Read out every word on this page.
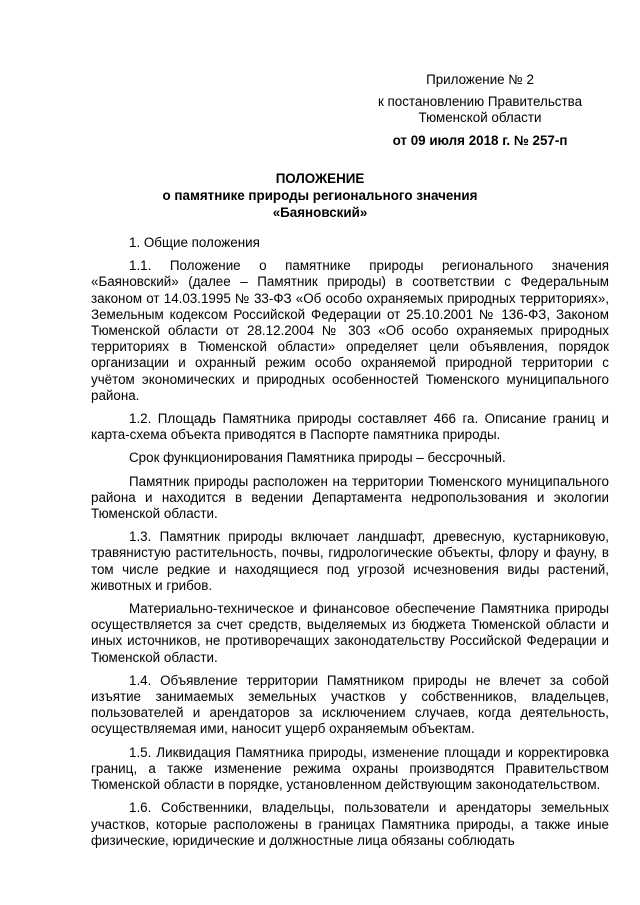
Приложение № 2
к постановлению Правительства
Тюменской области
от 09 июля 2018 г. № 257-п
ПОЛОЖЕНИЕ
о памятнике природы регионального значения
«Баяновский»

1. Общие положения

1.1. Положение о памятнике природы регионального значения «Баяновский» (далее – Памятник природы) в соответствии с Федеральным законом от 14.03.1995 № 33-ФЗ «Об особо охраняемых природных территориях», Земельным кодексом Российской Федерации от 25.10.2001 № 136-ФЗ, Законом Тюменской области от 28.12.2004 № 303 «Об особо охраняемых природных территориях в Тюменской области» определяет цели объявления, порядок организации и охранный режим особо охраняемой природной территории с учётом экономических и природных особенностей Тюменского муниципального района.

1.2. Площадь Памятника природы составляет 466 га. Описание границ и карта-схема объекта приводятся в Паспорте памятника природы.

Срок функционирования Памятника природы – бессрочный.

Памятник природы расположен на территории Тюменского муниципального района и находится в ведении Департамента недропользования и экологии Тюменской области.

1.3. Памятник природы включает ландшафт, древесную, кустарниковую, травянистую растительность, почвы, гидрологические объекты, флору и фауну, в том числе редкие и находящиеся под угрозой исчезновения виды растений, животных и грибов.

Материально-техническое и финансовое обеспечение Памятника природы осуществляется за счет средств, выделяемых из бюджета Тюменской области и иных источников, не противоречащих законодательству Российской Федерации и Тюменской области.

1.4. Объявление территории Памятником природы не влечет за собой изъятие занимаемых земельных участков у собственников, владельцев, пользователей и арендаторов за исключением случаев, когда деятельность, осуществляемая ими, наносит ущерб охраняемым объектам.

1.5. Ликвидация Памятника природы, изменение площади и корректировка границ, а также изменение режима охраны производятся Правительством Тюменской области в порядке, установленном действующим законодательством.

1.6. Собственники, владельцы, пользователи и арендаторы земельных участков, которые расположены в границах Памятника природы, а также иные физические, юридические и должностные лица обязаны соблюдать
